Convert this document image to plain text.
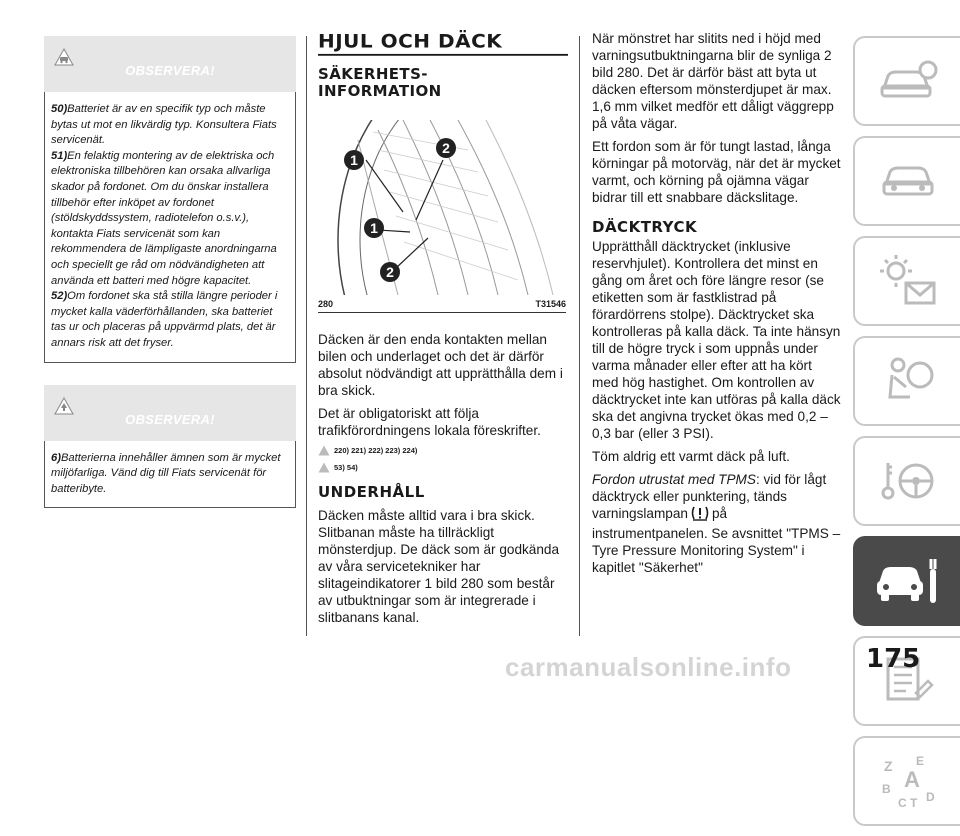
OBSERVERA!

50)Batteriet är av en specifik typ och måste bytas ut mot en likvärdig typ. Konsultera Fiats servicenät.

51)En felaktig montering av de elektriska och elektroniska tillbehören kan orsaka allvarliga skador på fordonet. Om du önskar installera tillbehör efter inköpet av fordonet (stöldskyddssystem, radiotelefon o.s.v.), kontakta Fiats servicenät som kan rekommendera de lämpligaste anordningarna och speciellt ge råd om nödvändigheten att använda ett batteri med högre kapacitet.

52)Om fordonet ska stå stilla längre perioder i mycket kalla väderförhållanden, ska batteriet tas ur och placeras på uppvärmd plats, det är annars risk att det fryser.

OBSERVERA!

6)Batterierna innehåller ämnen som är mycket miljöfarliga. Vänd dig till Fiats servicenät för batteribyte.

HJUL OCH DÄCK
SÄKERHETS-
INFORMATION
1
2
1
2
280	T31546

Däcken är den enda kontakten mellan bilen och underlaget och det är därför absolut nödvändigt att upprätthålla dem i bra skick.

Det är obligatoriskt att följa trafikförordningens lokala föreskrifter.

220) 221) 222) 223) 224)
53) 54)
UNDERHÅLL

Däcken måste alltid vara i bra skick. Slitbanan måste ha tillräckligt mönsterdjup. De däck som är godkända av våra servicetekniker har slitageindikatorer 1 bild 280 som består av utbuktningar som är integrerade i slitbanans kanal.

När mönstret har slitits ned i höjd med varningsutbuktningarna blir de synliga 2 bild 280. Det är därför bäst att byta ut däcken eftersom mönsterdjupet är max. 1,6 mm vilket medför ett dåligt väggrepp på våta vägar.

Ett fordon som är för tungt lastad, långa körningar på motorväg, när det är mycket varmt, och körning på ojämna vägar bidrar till ett snabbare däckslitage.

DÄCKTRYCK

Upprätthåll däcktrycket (inklusive reservhjulet). Kontrollera det minst en gång om året och före längre resor (se etiketten som är fastklistrad på förardörrens stolpe). Däcktrycket ska kontrolleras på kalla däck. Ta inte hänsyn till de högre tryck i som uppnås under varma månader eller efter att ha kört med hög hastighet. Om kontrollen av däcktrycket inte kan utföras på kalla däck ska det angivna trycket ökas med 0,2 – 0,3 bar (eller 3 PSI).

Töm aldrig ett varmt däck på luft.

Fordon utrustat med TPMS: vid för lågt däcktryck eller punktering, tänds varningslampan på instrumentpanelen. Se avsnittet "TPMS – Tyre Pressure Monitoring System" i kapitlet "Säkerhet"

Z E
B A
C T D
carmanualsonline.info	175
